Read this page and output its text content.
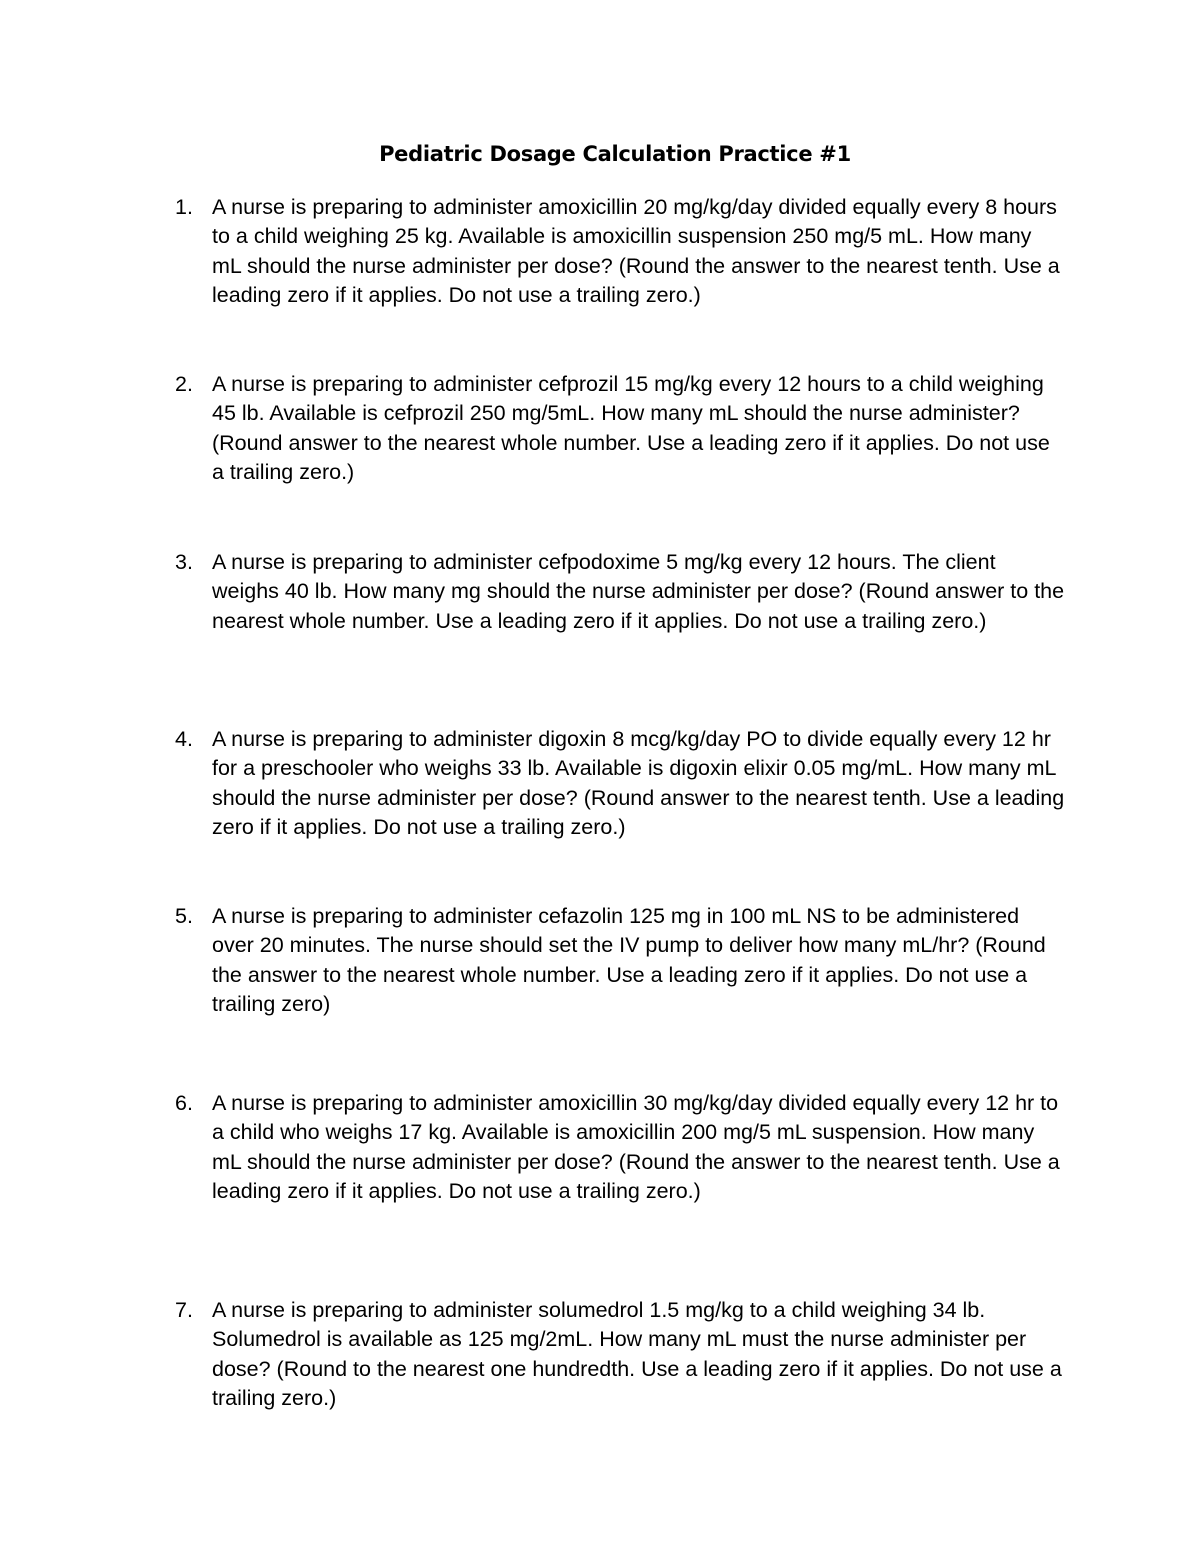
Pediatric Dosage Calculation Practice #1
1. A nurse is preparing to administer amoxicillin 20 mg/kg/day divided equally every 8 hours to a child weighing 25 kg. Available is amoxicillin suspension 250 mg/5 mL. How many mL should the nurse administer per dose? (Round the answer to the nearest tenth. Use a leading zero if it applies. Do not use a trailing zero.)
2. A nurse is preparing to administer cefprozil 15 mg/kg every 12 hours to a child weighing 45 lb. Available is cefprozil 250 mg/5mL. How many mL should the nurse administer? (Round answer to the nearest whole number. Use a leading zero if it applies. Do not use a trailing zero.)
3. A nurse is preparing to administer cefpodoxime 5 mg/kg every 12 hours. The client weighs 40 lb. How many mg should the nurse administer per dose? (Round answer to the nearest whole number. Use a leading zero if it applies. Do not use a trailing zero.)
4. A nurse is preparing to administer digoxin 8 mcg/kg/day PO to divide equally every 12 hr for a preschooler who weighs 33 lb. Available is digoxin elixir 0.05 mg/mL. How many mL should the nurse administer per dose? (Round answer to the nearest tenth. Use a leading zero if it applies. Do not use a trailing zero.)
5. A nurse is preparing to administer cefazolin 125 mg in 100 mL NS to be administered over 20 minutes. The nurse should set the IV pump to deliver how many mL/hr? (Round the answer to the nearest whole number. Use a leading zero if it applies. Do not use a trailing zero)
6. A nurse is preparing to administer amoxicillin 30 mg/kg/day divided equally every 12 hr to a child who weighs 17 kg. Available is amoxicillin 200 mg/5 mL suspension. How many mL should the nurse administer per dose? (Round the answer to the nearest tenth. Use a leading zero if it applies. Do not use a trailing zero.)
7. A nurse is preparing to administer solumedrol 1.5 mg/kg to a child weighing 34 lb. Solumedrol is available as 125 mg/2mL. How many mL must the nurse administer per dose? (Round to the nearest one hundredth. Use a leading zero if it applies. Do not use a trailing zero.)
